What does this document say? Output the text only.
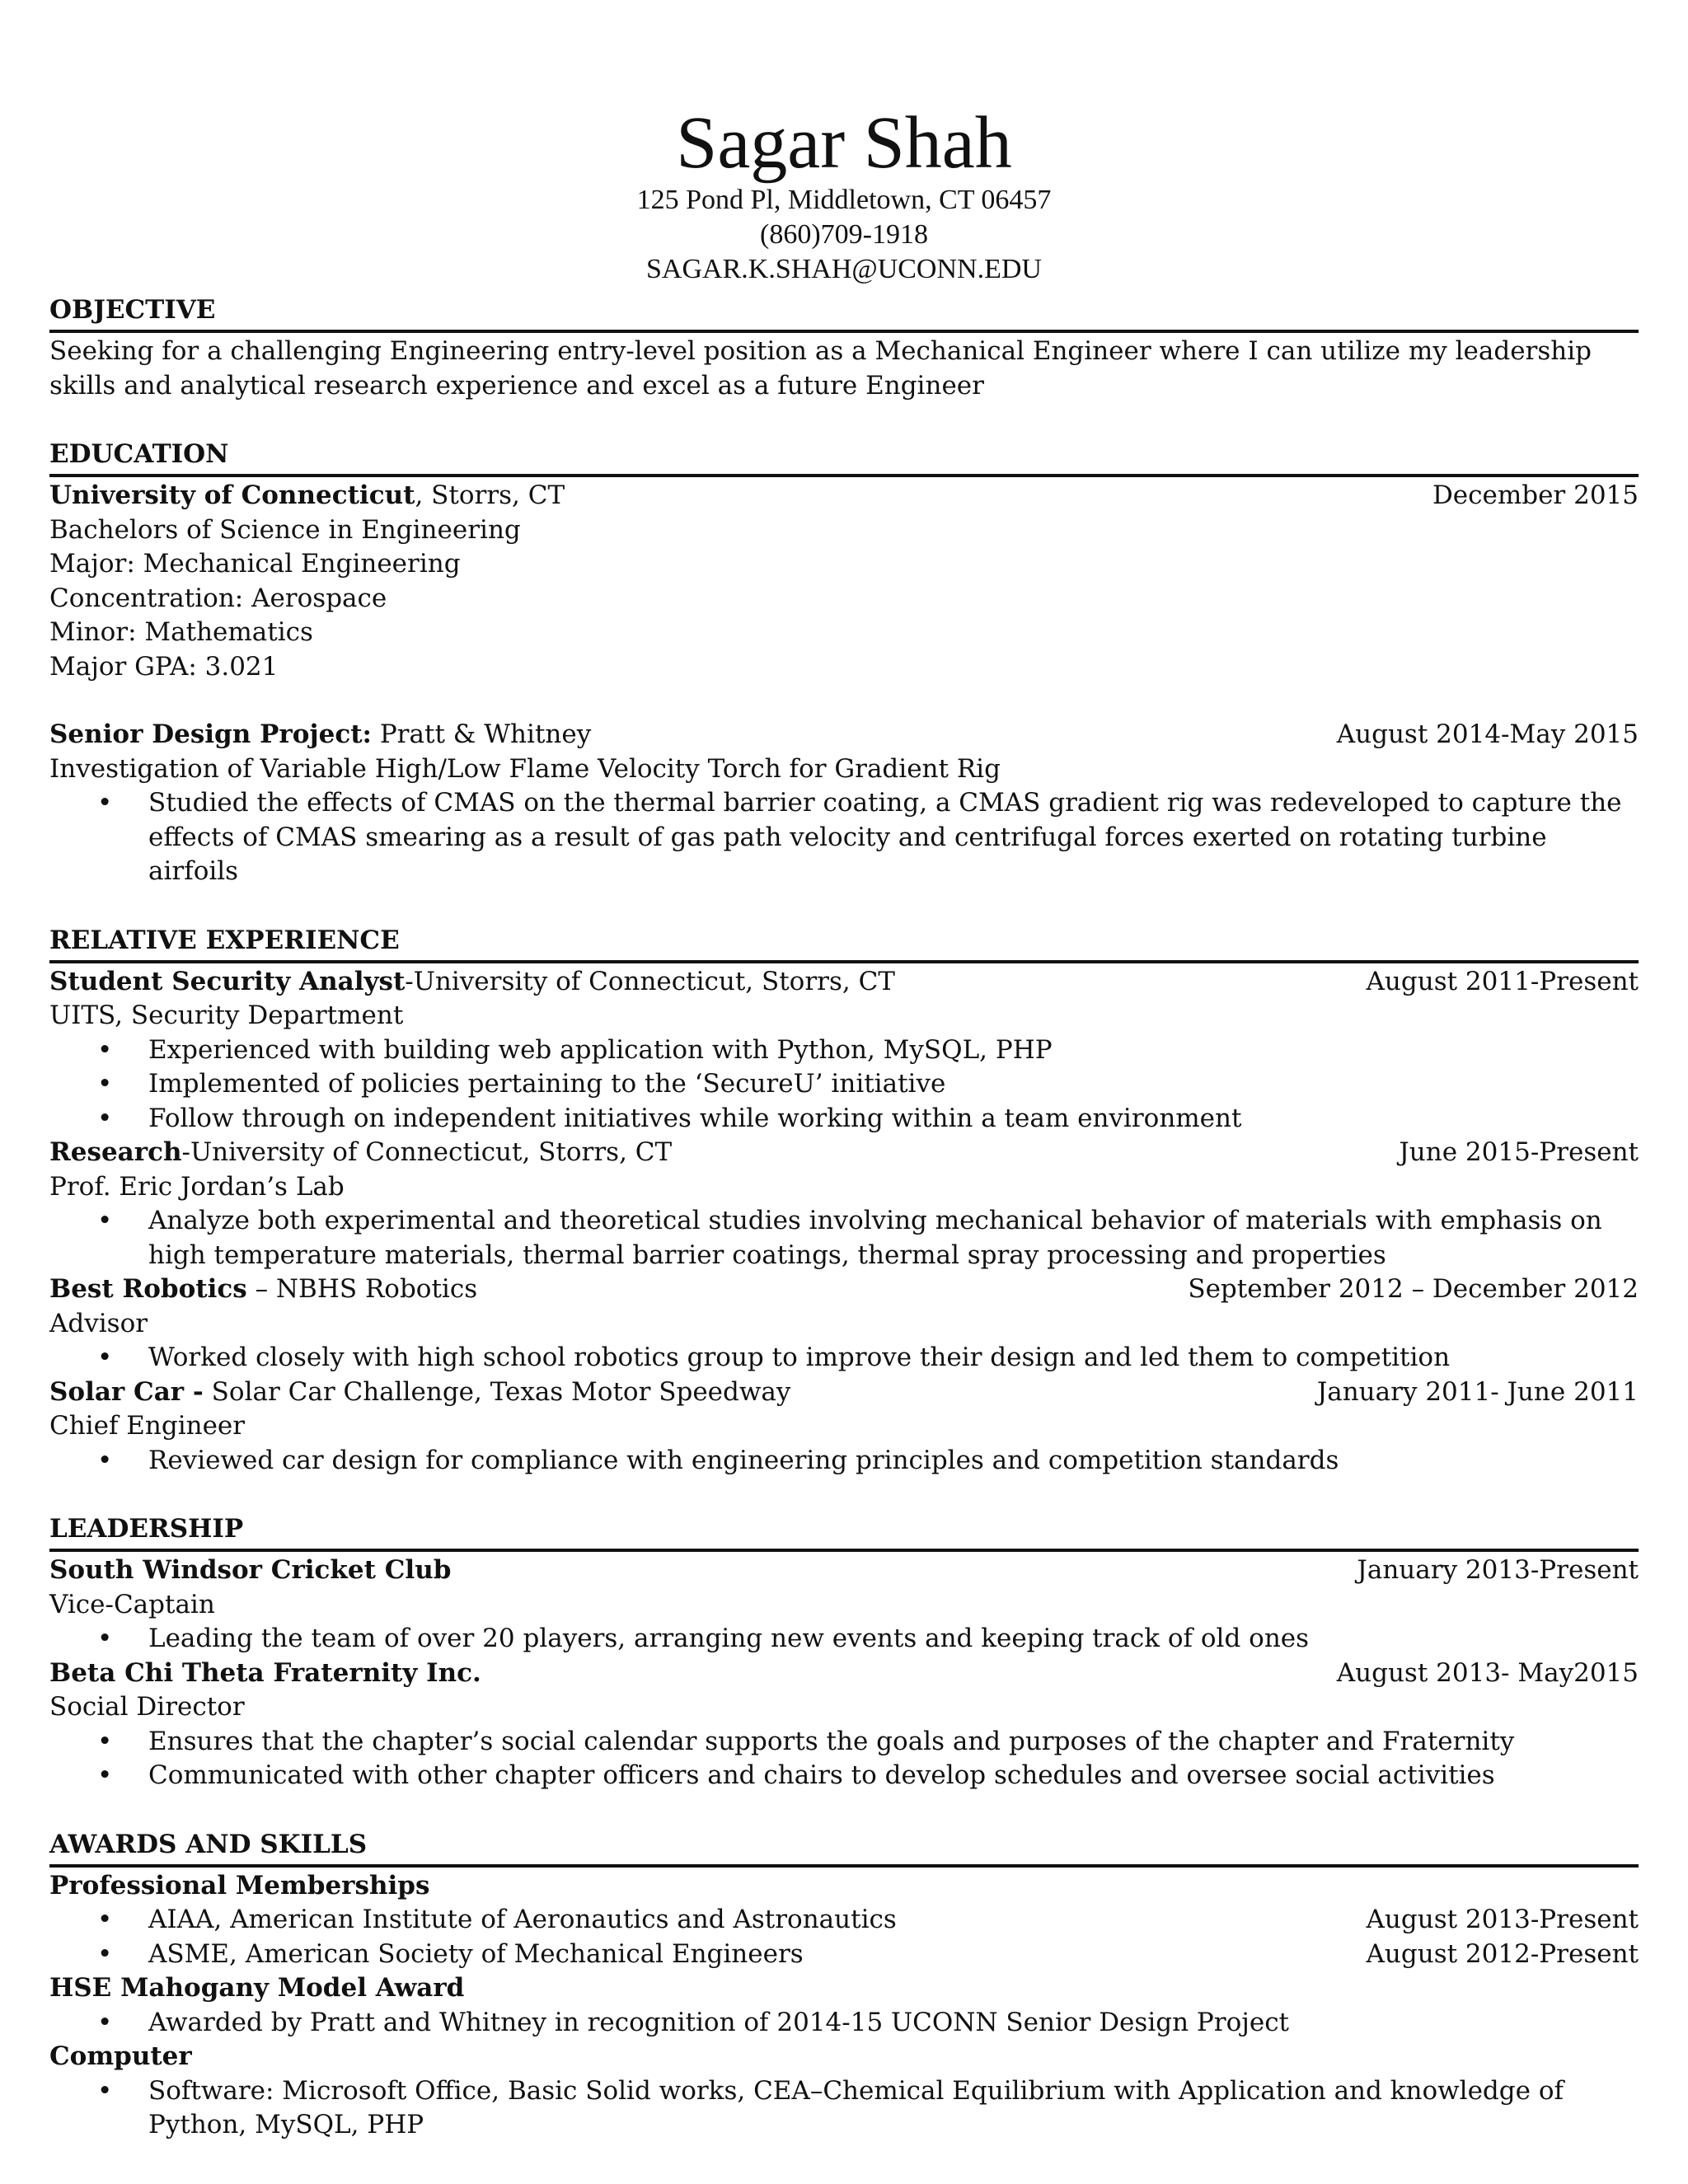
Sagar Shah
125 Pond Pl, Middletown, CT 06457
(860)709-1918
SAGAR.K.SHAH@UCONN.EDU
OBJECTIVE
Seeking for a challenging Engineering entry-level position as a Mechanical Engineer where I can utilize my leadership skills and analytical research experience and excel as a future Engineer
EDUCATION
University of Connecticut, Storrs, CT	December 2015
Bachelors of Science in Engineering
Major: Mechanical Engineering
Concentration: Aerospace
Minor: Mathematics
Major GPA: 3.021
Senior Design Project: Pratt & Whitney	August 2014-May 2015
Investigation of Variable High/Low Flame Velocity Torch for Gradient Rig
• Studied the effects of CMAS on the thermal barrier coating, a CMAS gradient rig was redeveloped to capture the effects of CMAS smearing as a result of gas path velocity and centrifugal forces exerted on rotating turbine airfoils
RELATIVE EXPERIENCE
Student Security Analyst-University of Connecticut, Storrs, CT	August 2011-Present
UITS, Security Department
• Experienced with building web application with Python, MySQL, PHP
• Implemented of policies pertaining to the ‘SecureU’ initiative
• Follow through on independent initiatives while working within a team environment
Research-University of Connecticut, Storrs, CT	June 2015-Present
Prof. Eric Jordan’s Lab
• Analyze both experimental and theoretical studies involving mechanical behavior of materials with emphasis on high temperature materials, thermal barrier coatings, thermal spray processing and properties
Best Robotics – NBHS Robotics	September 2012 – December 2012
Advisor
• Worked closely with high school robotics group to improve their design and led them to competition
Solar Car - Solar Car Challenge, Texas Motor Speedway	January 2011- June 2011
Chief Engineer
• Reviewed car design for compliance with engineering principles and competition standards
LEADERSHIP
South Windsor Cricket Club	January 2013-Present
Vice-Captain
• Leading the team of over 20 players, arranging new events and keeping track of old ones
Beta Chi Theta Fraternity Inc.	August 2013- May2015
Social Director
• Ensures that the chapter’s social calendar supports the goals and purposes of the chapter and Fraternity
• Communicated with other chapter officers and chairs to develop schedules and oversee social activities
AWARDS AND SKILLS
Professional Memberships
• AIAA, American Institute of Aeronautics and Astronautics	August 2013-Present
• ASME, American Society of Mechanical Engineers	August 2012-Present
HSE Mahogany Model Award
• Awarded by Pratt and Whitney in recognition of 2014-15 UCONN Senior Design Project
Computer
• Software: Microsoft Office, Basic Solid works, CEA–Chemical Equilibrium with Application and knowledge of Python, MySQL, PHP
